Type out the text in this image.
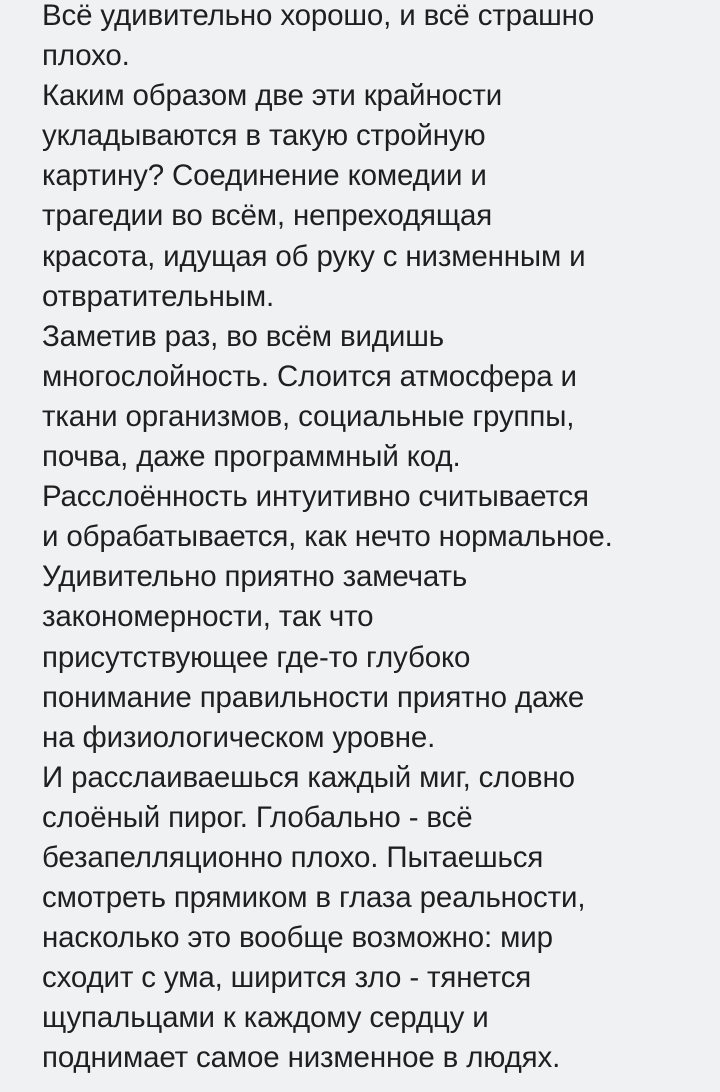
Всё удивительно хорошо, и всё страшно
плохо.
Каким образом две эти крайности
укладываются в такую стройную
картину? Соединение комедии и
трагедии во всём, непреходящая
красота, идущая об руку с низменным и
отвратительным.
Заметив раз, во всём видишь
многослойность. Слоится атмосфера и
ткани организмов, социальные группы,
почва, даже программный код.
Расслоённость интуитивно считывается
и обрабатывается, как нечто нормальное.
Удивительно приятно замечать
закономерности, так что
присутствующее где-то глубоко
понимание правильности приятно даже
на физиологическом уровне.
И расслаиваешься каждый миг, словно
слоёный пирог. Глобально - всё
безапелляционно плохо. Пытаешься
смотреть прямиком в глаза реальности,
насколько это вообще возможно: мир
сходит с ума, ширится зло - тянется
щупальцами к каждому сердцу и
поднимает самое низменное в людях.
